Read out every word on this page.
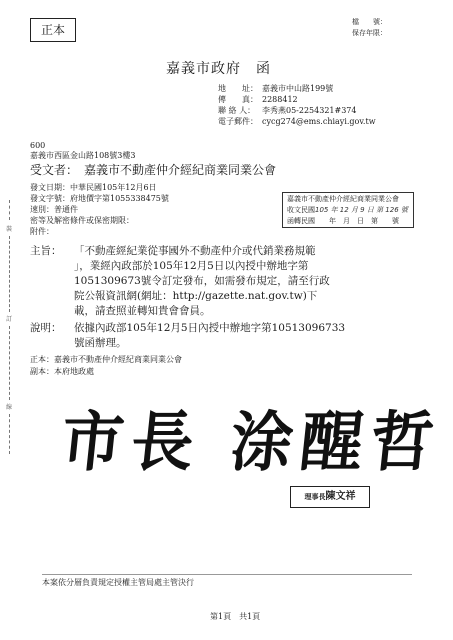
正本
檔　　號：
保存年限：
嘉義市政府　函
地　　址： 嘉義市中山路199號
傳　　真： 2288412
聯 絡 人： 李秀燕05-2254321#374
電子郵件： cycg274@ems.chiayi.gov.tw
600
嘉義市西區金山路108號3樓3
受文者：　嘉義市不動產仲介經紀商業同業公會
發文日期：中華民國105年12月6日
發文字號：府地價字第1055338475號
速別：普通件
密等及解密條件或保密期限：
附件：
嘉義市不動產仲介經紀商業同業公會
收文民國105 年 12 月 9 日 第 126 號
函轉民國　　年　月　日　第　　號
裝
訂
線
主旨： 「不動產經紀業從事國外不動產仲介或代銷業務規範
」，業經內政部於105年12月5日以內授中辦地字第
1051309673號令訂定發布，如需發布規定，請至行政
院公報資訊網(網址：http://gazette.nat.gov.tw)下
載，請查照並轉知貴會會員。
說明： 依據內政部105年12月5日內授中辦地字第10513096733
號函辦理。
正本：嘉義市不動產仲介經紀商業同業公會
副本：本府地政處
市長 涂醒哲
理事長陳文祥
本案依分層負責規定授權主管局處主管決行
第1頁　共1頁
